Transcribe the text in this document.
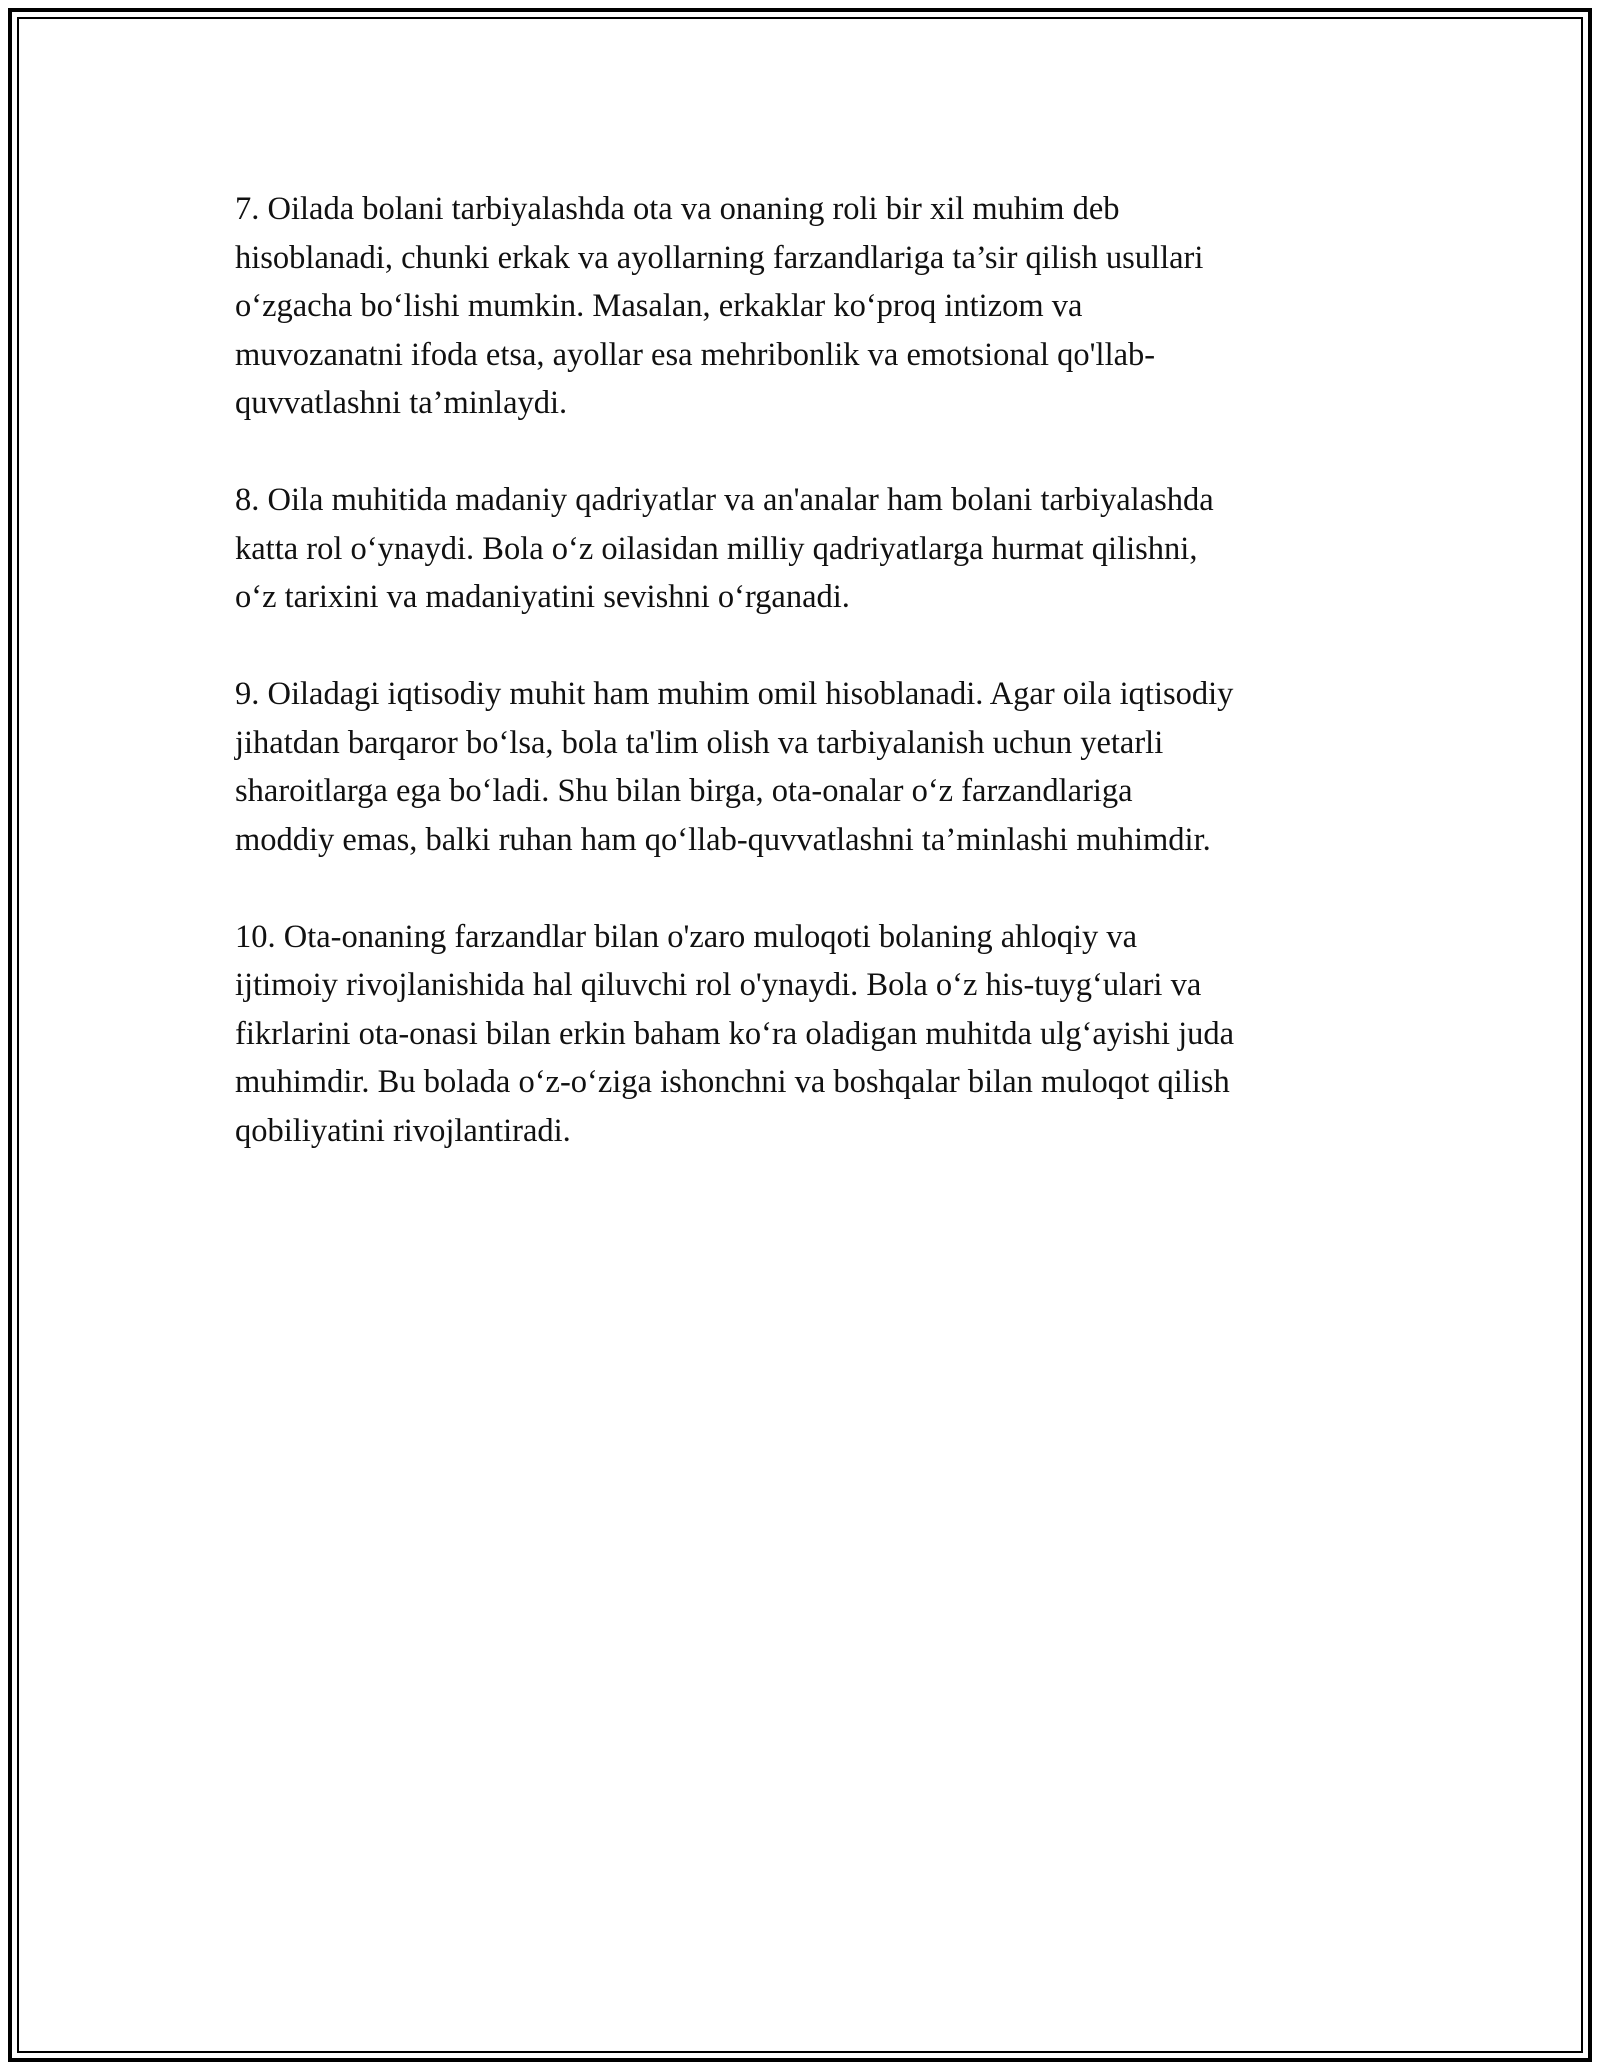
7. Oilada bolani tarbiyalashda ota va onaning roli bir xil muhim deb
hisoblanadi, chunki erkak va ayollarning farzandlariga ta’sir qilish usullari
o‘zgacha bo‘lishi mumkin. Masalan, erkaklar ko‘proq intizom va
muvozanatni ifoda etsa, ayollar esa mehribonlik va emotsional qo'llab-
quvvatlashni ta’minlaydi.

8. Oila muhitida madaniy qadriyatlar va an'analar ham bolani tarbiyalashda
katta rol o‘ynaydi. Bola o‘z oilasidan milliy qadriyatlarga hurmat qilishni,
o‘z tarixini va madaniyatini sevishni o‘rganadi.

9. Oiladagi iqtisodiy muhit ham muhim omil hisoblanadi. Agar oila iqtisodiy
jihatdan barqaror bo‘lsa, bola ta'lim olish va tarbiyalanish uchun yetarli
sharoitlarga ega bo‘ladi. Shu bilan birga, ota-onalar o‘z farzandlariga
moddiy emas, balki ruhan ham qo‘llab-quvvatlashni ta’minlashi muhimdir.

10. Ota-onaning farzandlar bilan o'zaro muloqoti bolaning ahloqiy va
ijtimoiy rivojlanishida hal qiluvchi rol o'ynaydi. Bola o‘z his-tuyg‘ulari va
fikrlarini ota-onasi bilan erkin baham ko‘ra oladigan muhitda ulg‘ayishi juda
muhimdir. Bu bolada o‘z-o‘ziga ishonchni va boshqalar bilan muloqot qilish
qobiliyatini rivojlantiradi.
